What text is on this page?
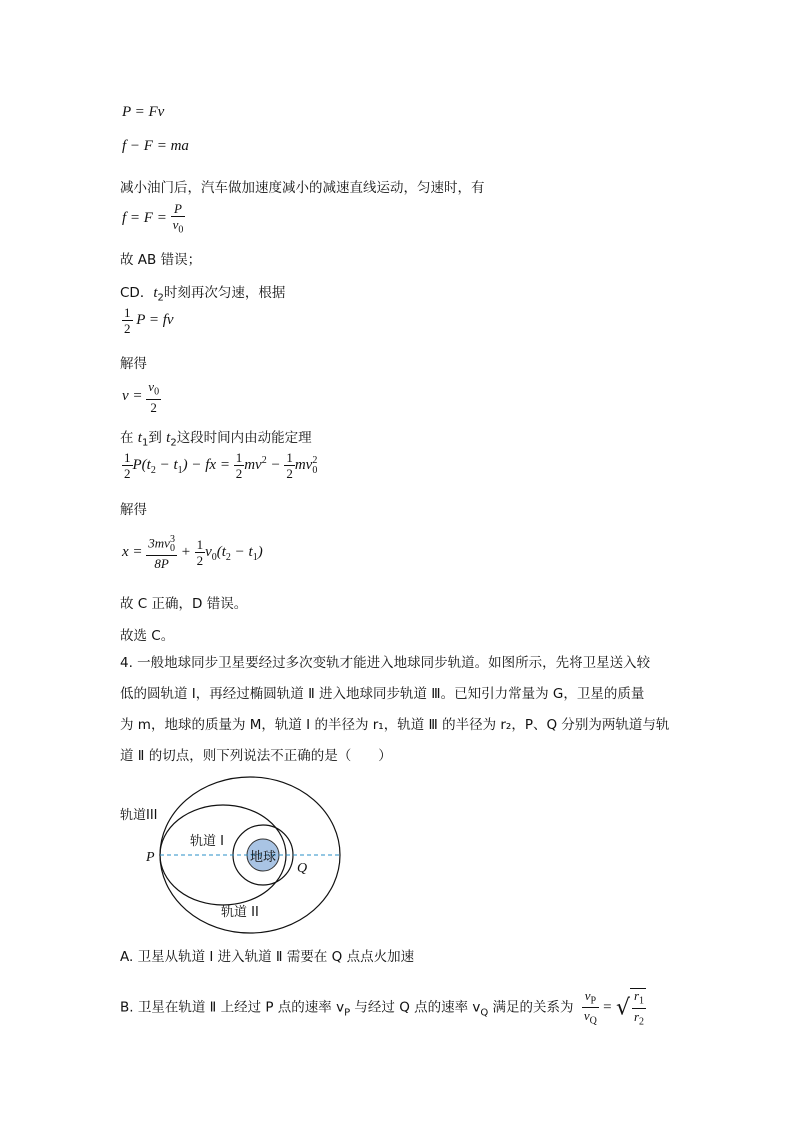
P = Fv
f − F = ma
减小油门后，汽车做加速度减小的减速直线运动，匀速时，有
$f = F = \frac{P}{v_0}$
故 AB 错误；
CD．$t_2$时刻再次匀速，根据
$\frac{1}{2}$ P = fv
解得
$v = \frac{v_0}{2}$
在 $t_1$到 $t_2$这段时间内由动能定理
$\frac{1}{2} P(t_2 - t_1)$ − fx = $\frac{1}{2} mv^2 - \frac{1}{2} mv_0^2$
解得
$x = \frac{3mv_0^3}{8P} + \frac{1}{2} v_0(t_2 - t_1)$
故 C 正确，D 错误。
故选 C。
4. 一般地球同步卫星要经过多次变轨才能进入地球同步轨道。如图所示，先将卫星送入较
低的圆轨道 I，再经过椭圆轨道 Ⅱ 进入地球同步轨道 Ⅲ。已知引力常量为 G，卫星的质量
为 m，地球的质量为 M，轨道 I 的半径为 r₁，轨道 Ⅲ 的半径为 r₂，P、Q 分别为两轨道与轨
道 Ⅱ 的切点，则下列说法不正确的是（　　）
轨道III
轨道 I
地球
P
Q
轨道 II
A. 卫星从轨道 I 进入轨道 Ⅱ 需要在 Q 点点火加速
B. 卫星在轨道 Ⅱ 上经过 P 点的速率 $v_P$ 与经过 Q 点的速率 $v_Q$ 满足的关系为 $\frac{v_P}{v_Q}$ = √ $\frac{r_1}{r_2}$
